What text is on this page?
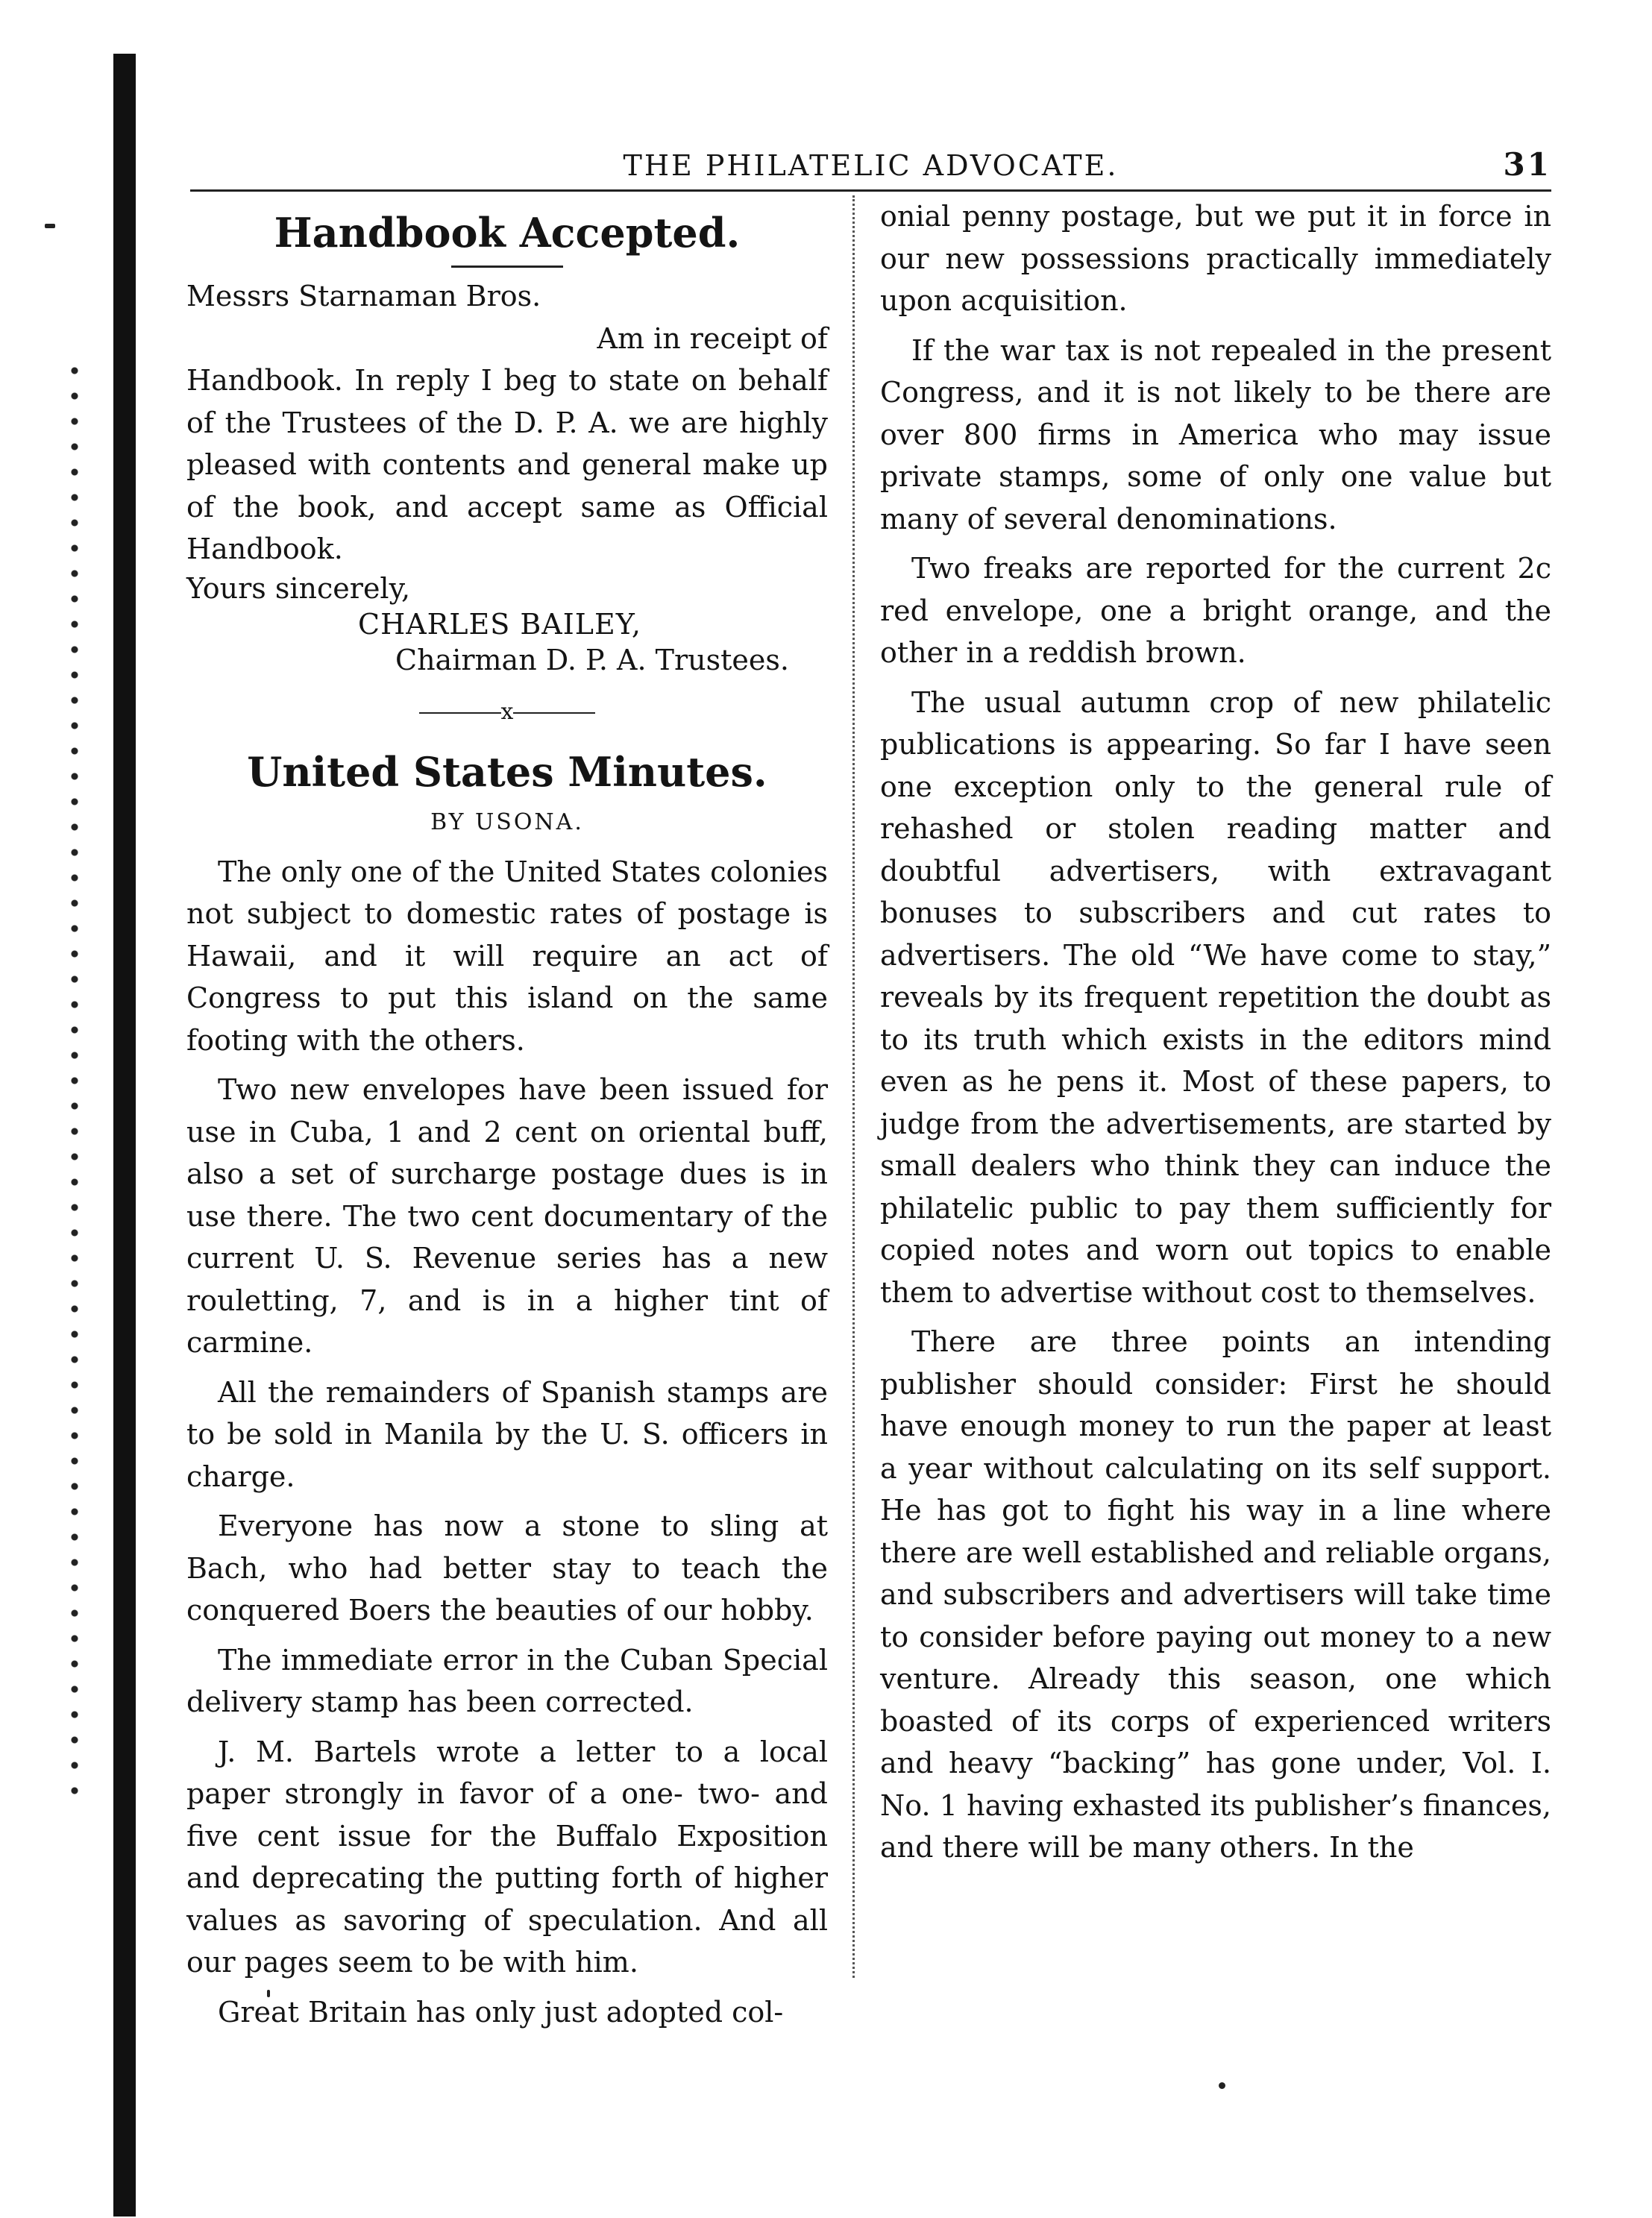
THE PHILATELIC ADVOCATE.	31
Handbook Accepted.

Messrs Starnaman Bros.

Am in receipt of

Handbook. In reply I beg to state on behalf of the Trustees of the D. P. A. we are highly pleased with contents and general make up of the book, and accept same as Official Handbook.

Yours sincerely,

CHARLES BAILEY,

Chairman D. P. A. Trustees.

x
United States Minutes.
BY USONA.

The only one of the United States colonies not subject to domestic rates of postage is Hawaii, and it will require an act of Congress to put this island on the same footing with the others.

Two new envelopes have been issued for use in Cuba, 1 and 2 cent on oriental buff, also a set of surcharge postage dues is in use there. The two cent documentary of the current U. S. Revenue series has a new rouletting, 7, and is in a higher tint of carmine.

All the remainders of Spanish stamps are to be sold in Manila by the U. S. officers in charge.

Everyone has now a stone to sling at Bach, who had better stay to teach the conquered Boers the beauties of our hobby.

The immediate error in the Cuban Special delivery stamp has been corrected.

J. M. Bartels wrote a letter to a local paper strongly in favor of a one- two- and five cent issue for the Buffalo Exposition and deprecating the putting forth of higher values as savoring of speculation. And all our pages seem to be with him.

Great Britain has only just adopted col-

onial penny postage, but we put it in force in our new possessions practically immediately upon acquisition.

If the war tax is not repealed in the present Congress, and it is not likely to be there are over 800 firms in America who may issue private stamps, some of only one value but many of several denominations.

Two freaks are reported for the current 2c red envelope, one a bright orange, and the other in a reddish brown.

The usual autumn crop of new philatelic publications is appearing. So far I have seen one exception only to the general rule of rehashed or stolen reading matter and doubtful advertisers, with extravagant bonuses to subscribers and cut rates to advertisers. The old “We have come to stay,” reveals by its frequent repetition the doubt as to its truth which exists in the editors mind even as he pens it. Most of these papers, to judge from the advertisements, are started by small dealers who think they can induce the philatelic public to pay them sufficiently for copied notes and worn out topics to enable them to advertise without cost to themselves.

There are three points an intending publisher should consider: First he should have enough money to run the paper at least a year without calculating on its self support. He has got to fight his way in a line where there are well established and reliable organs, and subscribers and advertisers will take time to consider before paying out money to a new venture. Already this season, one which boasted of its corps of experienced writers and heavy “backing” has gone under, Vol. I. No. 1 having exhasted its publisher’s finances, and there will be many others. In the
